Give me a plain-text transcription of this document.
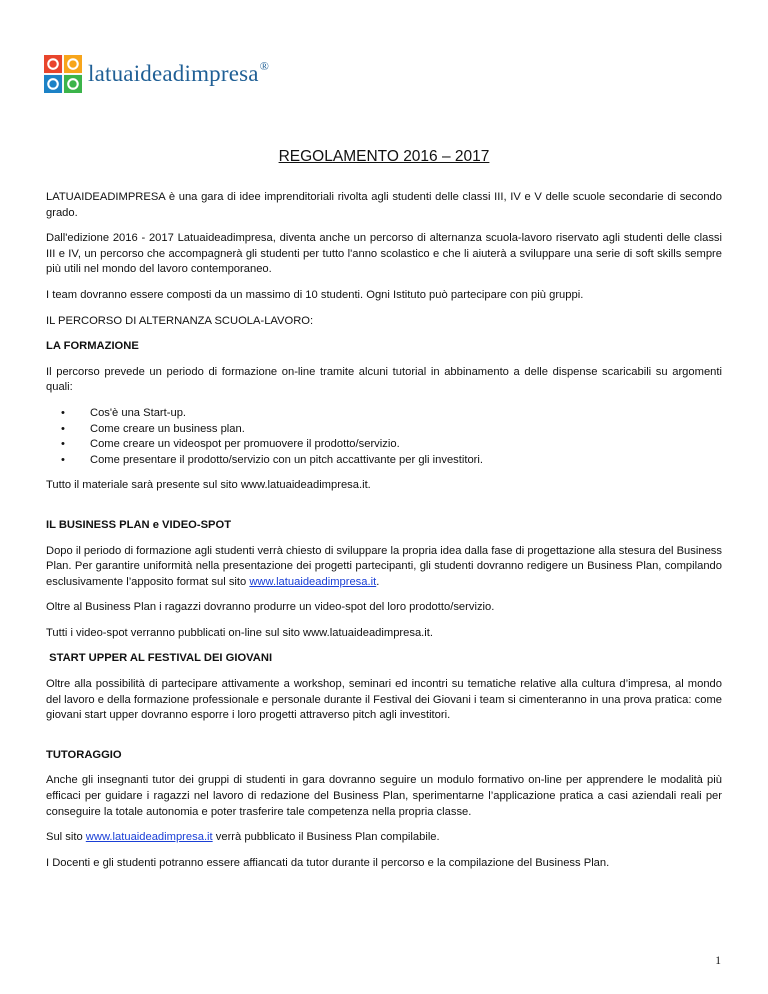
latuaideadimpresa®
REGOLAMENTO 2016 – 2017

LATUAIDEADIMPRESA è una gara di idee imprenditoriali rivolta agli studenti delle classi III, IV e V delle scuole secondarie di secondo grado.

Dall'edizione 2016 - 2017 Latuaideadimpresa, diventa anche un percorso di alternanza scuola-lavoro riservato agli studenti delle classi III e IV, un percorso che accompagnerà gli studenti per tutto l'anno scolastico e che li aiuterà a sviluppare una serie di soft skills sempre più utili nel mondo del lavoro contemporaneo.

I team dovranno essere composti da un massimo di 10 studenti. Ogni Istituto può partecipare con più gruppi.

IL PERCORSO DI ALTERNANZA SCUOLA-LAVORO:

LA FORMAZIONE

Il percorso prevede un periodo di formazione on-line tramite alcuni tutorial in abbinamento a delle dispense scaricabili su argomenti quali:

• Cos'è una Start-up.
• Come creare un business plan.
• Come creare un videospot per promuovere il prodotto/servizio.
• Come presentare il prodotto/servizio con un pitch accattivante per gli investitori.

Tutto il materiale sarà presente sul sito www.latuaideadimpresa.it.

IL BUSINESS PLAN e VIDEO-SPOT

Dopo il periodo di formazione agli studenti verrà chiesto di sviluppare la propria idea dalla fase di progettazione alla stesura del Business Plan. Per garantire uniformità nella presentazione dei progetti partecipanti, gli studenti dovranno redigere un Business Plan, compilando esclusivamente l’apposito format sul sito www.latuaideadimpresa.it.

Oltre al Business Plan i ragazzi dovranno produrre un video-spot del loro prodotto/servizio.

Tutti i video-spot verranno pubblicati on-line sul sito www.latuaideadimpresa.it.

START UPPER AL FESTIVAL DEI GIOVANI

Oltre alla possibilità di partecipare attivamente a workshop, seminari ed incontri su tematiche relative alla cultura d’impresa, al mondo del lavoro e della formazione professionale e personale durante il Festival dei Giovani i team si cimenteranno in una prova pratica: come giovani start upper dovranno esporre i loro progetti attraverso pitch agli investitori.

TUTORAGGIO

Anche gli insegnanti tutor dei gruppi di studenti in gara dovranno seguire un modulo formativo on-line per apprendere le modalità più efficaci per guidare i ragazzi nel lavoro di redazione del Business Plan, sperimentarne l’applicazione pratica a casi aziendali reali per conseguire la totale autonomia e poter trasferire tale competenza nella propria classe.

Sul sito www.latuaideadimpresa.it verrà pubblicato il Business Plan compilabile.

I Docenti e gli studenti potranno essere affiancati da tutor durante il percorso e la compilazione del Business Plan.

1
